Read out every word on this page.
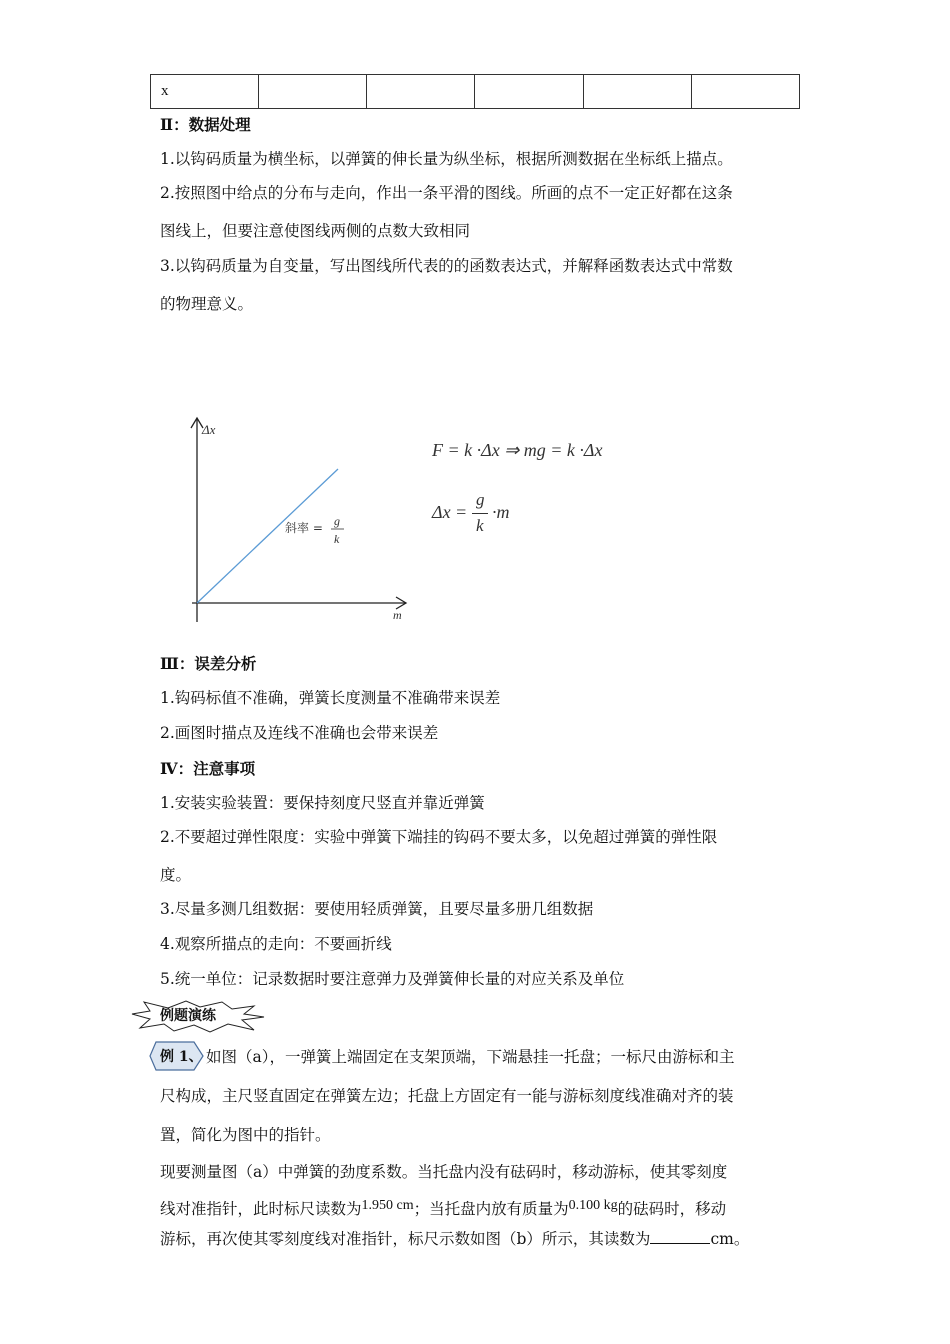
x					
Ⅱ：数据处理
1.以钩码质量为横坐标，以弹簧的伸长量为纵坐标，根据所测数据在坐标纸上描点。
2.按照图中给点的分布与走向，作出一条平滑的图线。所画的点不一定正好都在这条
图线上，但要注意使图线两侧的点数大致相同
3.以钩码质量为自变量，写出图线所代表的的函数表达式，并解释函数表达式中常数
的物理意义。
Δx
m
斜率 = g
k
F = k ·Δx ⇒ mg = k ·Δx
Δx =
g
k
·m
Ⅲ：误差分析
1.钩码标值不准确，弹簧长度测量不准确带来误差
2.画图时描点及连线不准确也会带来误差
Ⅳ：注意事项
1.安装实验装置：要保持刻度尺竖直并靠近弹簧
2.不要超过弹性限度：实验中弹簧下端挂的钩码不要太多，以免超过弹簧的弹性限
度。
3.尽量多测几组数据：要使用轻质弹簧，且要尽量多册几组数据
4.观察所描点的走向：不要画折线
5.统一单位：记录数据时要注意弹力及弹簧伸长量的对应关系及单位
例题演练
例 1、 如图（a），一弹簧上端固定在支架顶端，下端悬挂一托盘；一标尺由游标和主
尺构成，主尺竖直固定在弹簧左边；托盘上方固定有一能与游标刻度线准确对齐的装
置，简化为图中的指针。
现要测量图（a）中弹簧的劲度系数。当托盘内没有砝码时，移动游标，使其零刻度
线对准指针，此时标尺读数为1.950 cm；当托盘内放有质量为0.100 kg的砝码时，移动
游标，再次使其零刻度线对准指针，标尺示数如图（b）所示，其读数为	cm。
